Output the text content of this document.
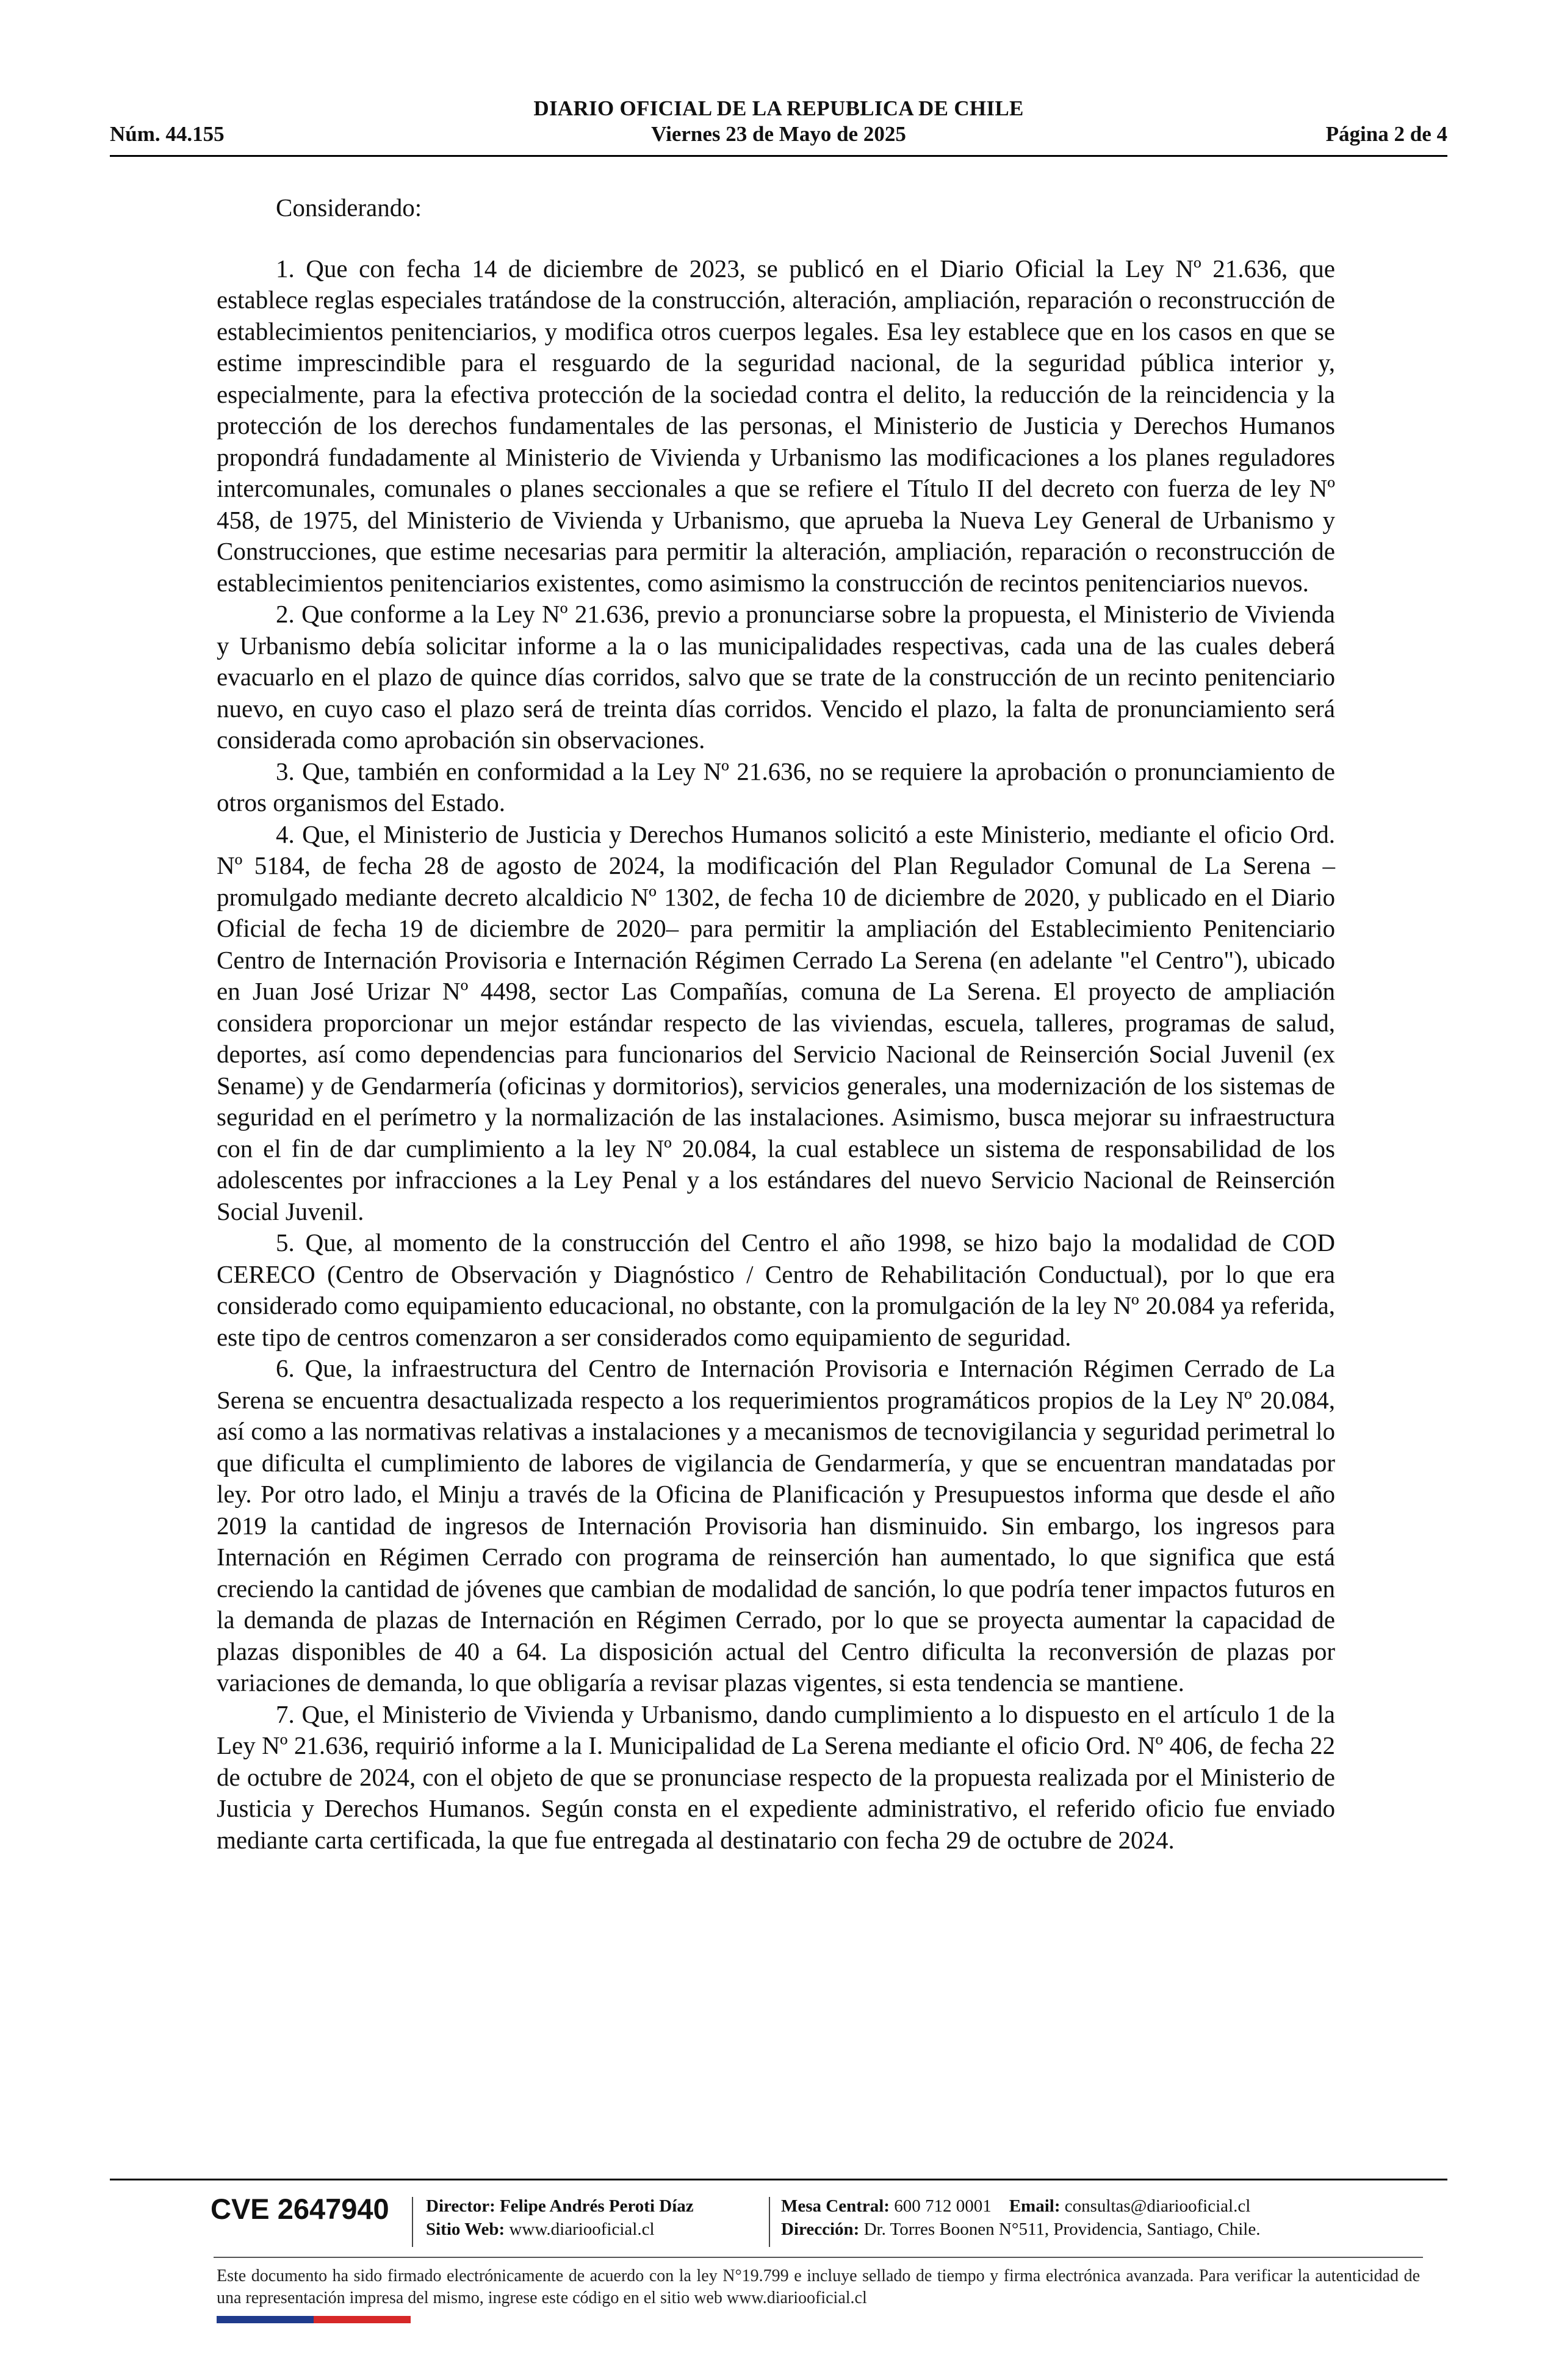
DIARIO OFICIAL DE LA REPUBLICA DE CHILE
Núm. 44.155	Viernes 23 de Mayo de 2025	Página 2 de 4

Considerando:

1. Que con fecha 14 de diciembre de 2023, se publicó en el Diario Oficial la Ley Nº 21.636, que establece reglas especiales tratándose de la construcción, alteración, ampliación, reparación o reconstrucción de establecimientos penitenciarios, y modifica otros cuerpos legales. Esa ley establece que en los casos en que se estime imprescindible para el resguardo de la seguridad nacional, de la seguridad pública interior y, especialmente, para la efectiva protección de la sociedad contra el delito, la reducción de la reincidencia y la protección de los derechos fundamentales de las personas, el Ministerio de Justicia y Derechos Humanos propondrá fundadamente al Ministerio de Vivienda y Urbanismo las modificaciones a los planes reguladores intercomunales, comunales o planes seccionales a que se refiere el Título II del decreto con fuerza de ley Nº 458, de 1975, del Ministerio de Vivienda y Urbanismo, que aprueba la Nueva Ley General de Urbanismo y Construcciones, que estime necesarias para permitir la alteración, ampliación, reparación o reconstrucción de establecimientos penitenciarios existentes, como asimismo la construcción de recintos penitenciarios nuevos.

2. Que conforme a la Ley Nº 21.636, previo a pronunciarse sobre la propuesta, el Ministerio de Vivienda y Urbanismo debía solicitar informe a la o las municipalidades respectivas, cada una de las cuales deberá evacuarlo en el plazo de quince días corridos, salvo que se trate de la construcción de un recinto penitenciario nuevo, en cuyo caso el plazo será de treinta días corridos. Vencido el plazo, la falta de pronunciamiento será considerada como aprobación sin observaciones.

3. Que, también en conformidad a la Ley Nº 21.636, no se requiere la aprobación o pronunciamiento de otros organismos del Estado.

4. Que, el Ministerio de Justicia y Derechos Humanos solicitó a este Ministerio, mediante el oficio Ord. Nº 5184, de fecha 28 de agosto de 2024, la modificación del Plan Regulador Comunal de La Serena –promulgado mediante decreto alcaldicio Nº 1302, de fecha 10 de diciembre de 2020, y publicado en el Diario Oficial de fecha 19 de diciembre de 2020– para permitir la ampliación del Establecimiento Penitenciario Centro de Internación Provisoria e Internación Régimen Cerrado La Serena (en adelante "el Centro"), ubicado en Juan José Urizar Nº 4498, sector Las Compañías, comuna de La Serena. El proyecto de ampliación considera proporcionar un mejor estándar respecto de las viviendas, escuela, talleres, programas de salud, deportes, así como dependencias para funcionarios del Servicio Nacional de Reinserción Social Juvenil (ex Sename) y de Gendarmería (oficinas y dormitorios), servicios generales, una modernización de los sistemas de seguridad en el perímetro y la normalización de las instalaciones. Asimismo, busca mejorar su infraestructura con el fin de dar cumplimiento a la ley Nº 20.084, la cual establece un sistema de responsabilidad de los adolescentes por infracciones a la Ley Penal y a los estándares del nuevo Servicio Nacional de Reinserción Social Juvenil.

5. Que, al momento de la construcción del Centro el año 1998, se hizo bajo la modalidad de COD CERECO (Centro de Observación y Diagnóstico / Centro de Rehabilitación Conductual), por lo que era considerado como equipamiento educacional, no obstante, con la promulgación de la ley Nº 20.084 ya referida, este tipo de centros comenzaron a ser considerados como equipamiento de seguridad.

6. Que, la infraestructura del Centro de Internación Provisoria e Internación Régimen Cerrado de La Serena se encuentra desactualizada respecto a los requerimientos programáticos propios de la Ley Nº 20.084, así como a las normativas relativas a instalaciones y a mecanismos de tecnovigilancia y seguridad perimetral lo que dificulta el cumplimiento de labores de vigilancia de Gendarmería, y que se encuentran mandatadas por ley. Por otro lado, el Minju a través de la Oficina de Planificación y Presupuestos informa que desde el año 2019 la cantidad de ingresos de Internación Provisoria han disminuido. Sin embargo, los ingresos para Internación en Régimen Cerrado con programa de reinserción han aumentado, lo que significa que está creciendo la cantidad de jóvenes que cambian de modalidad de sanción, lo que podría tener impactos futuros en la demanda de plazas de Internación en Régimen Cerrado, por lo que se proyecta aumentar la capacidad de plazas disponibles de 40 a 64. La disposición actual del Centro dificulta la reconversión de plazas por variaciones de demanda, lo que obligaría a revisar plazas vigentes, si esta tendencia se mantiene.

7. Que, el Ministerio de Vivienda y Urbanismo, dando cumplimiento a lo dispuesto en el artículo 1 de la Ley Nº 21.636, requirió informe a la I. Municipalidad de La Serena mediante el oficio Ord. Nº 406, de fecha 22 de octubre de 2024, con el objeto de que se pronunciase respecto de la propuesta realizada por el Ministerio de Justicia y Derechos Humanos. Según consta en el expediente administrativo, el referido oficio fue enviado mediante carta certificada, la que fue entregada al destinatario con fecha 29 de octubre de 2024.

CVE 2647940 Director: Felipe Andrés Peroti Díaz
Sitio Web: www.diariooficial.cl
Mesa Central: 600 712 0001 Email: consultas@diariooficial.cl
Dirección: Dr. Torres Boonen N°511, Providencia, Santiago, Chile.
Este documento ha sido firmado electrónicamente de acuerdo con la ley N°19.799 e incluye sellado de tiempo y firma electrónica avanzada. Para verificar la autenticidad de una representación impresa del mismo, ingrese este código en el sitio web www.diariooficial.cl
